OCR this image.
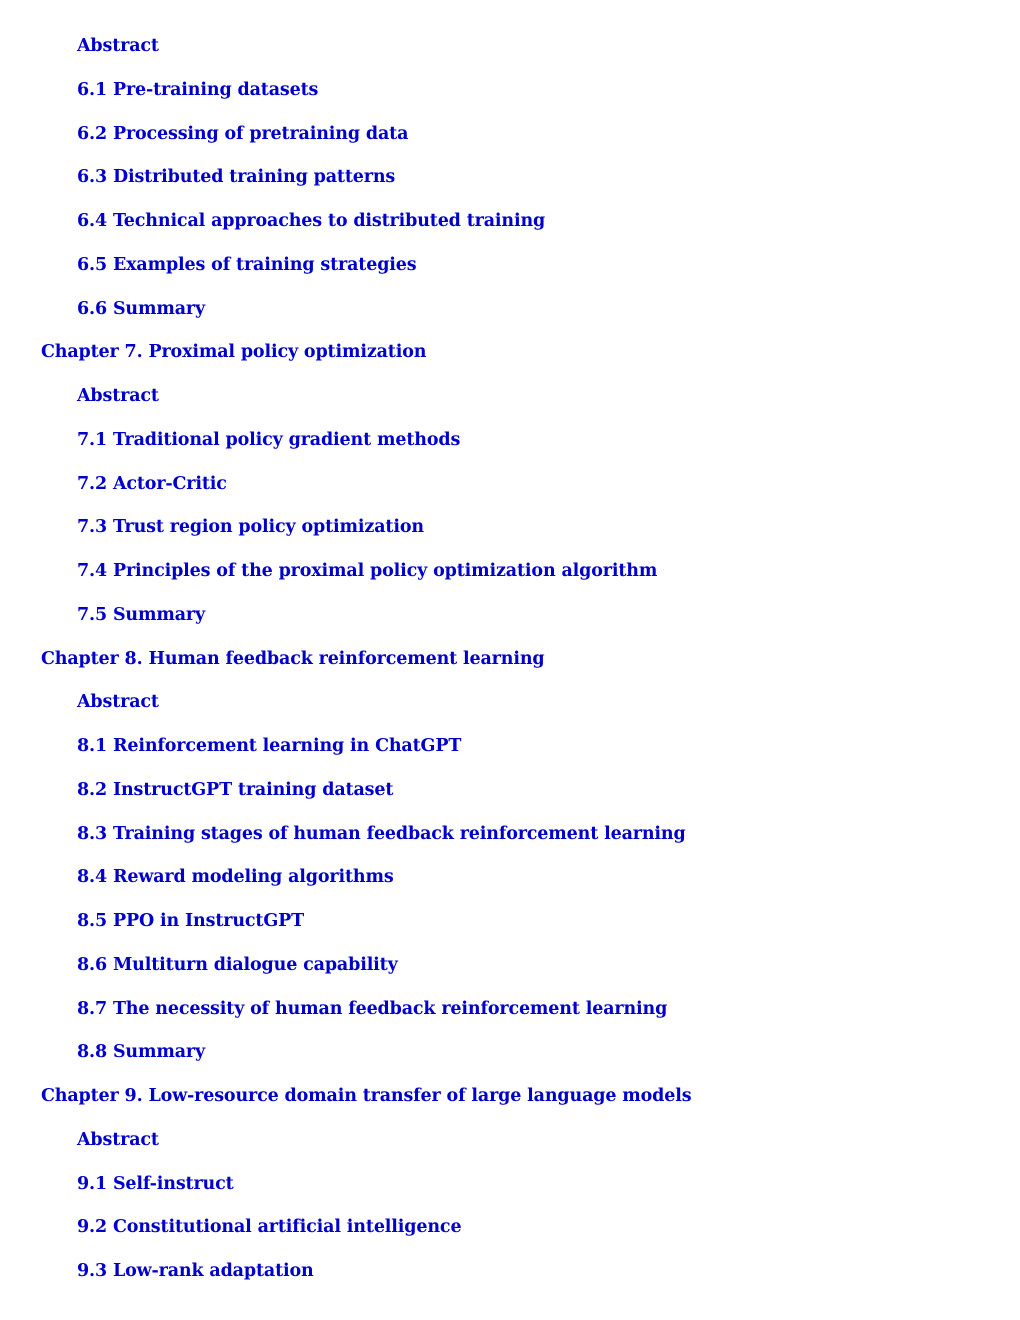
Abstract
6.1 Pre-training datasets
6.2 Processing of pretraining data
6.3 Distributed training patterns
6.4 Technical approaches to distributed training
6.5 Examples of training strategies
6.6 Summary
Chapter 7. Proximal policy optimization
Abstract
7.1 Traditional policy gradient methods
7.2 Actor-Critic
7.3 Trust region policy optimization
7.4 Principles of the proximal policy optimization algorithm
7.5 Summary
Chapter 8. Human feedback reinforcement learning
Abstract
8.1 Reinforcement learning in ChatGPT
8.2 InstructGPT training dataset
8.3 Training stages of human feedback reinforcement learning
8.4 Reward modeling algorithms
8.5 PPO in InstructGPT
8.6 Multiturn dialogue capability
8.7 The necessity of human feedback reinforcement learning
8.8 Summary
Chapter 9. Low-resource domain transfer of large language models
Abstract
9.1 Self-instruct
9.2 Constitutional artificial intelligence
9.3 Low-rank adaptation
